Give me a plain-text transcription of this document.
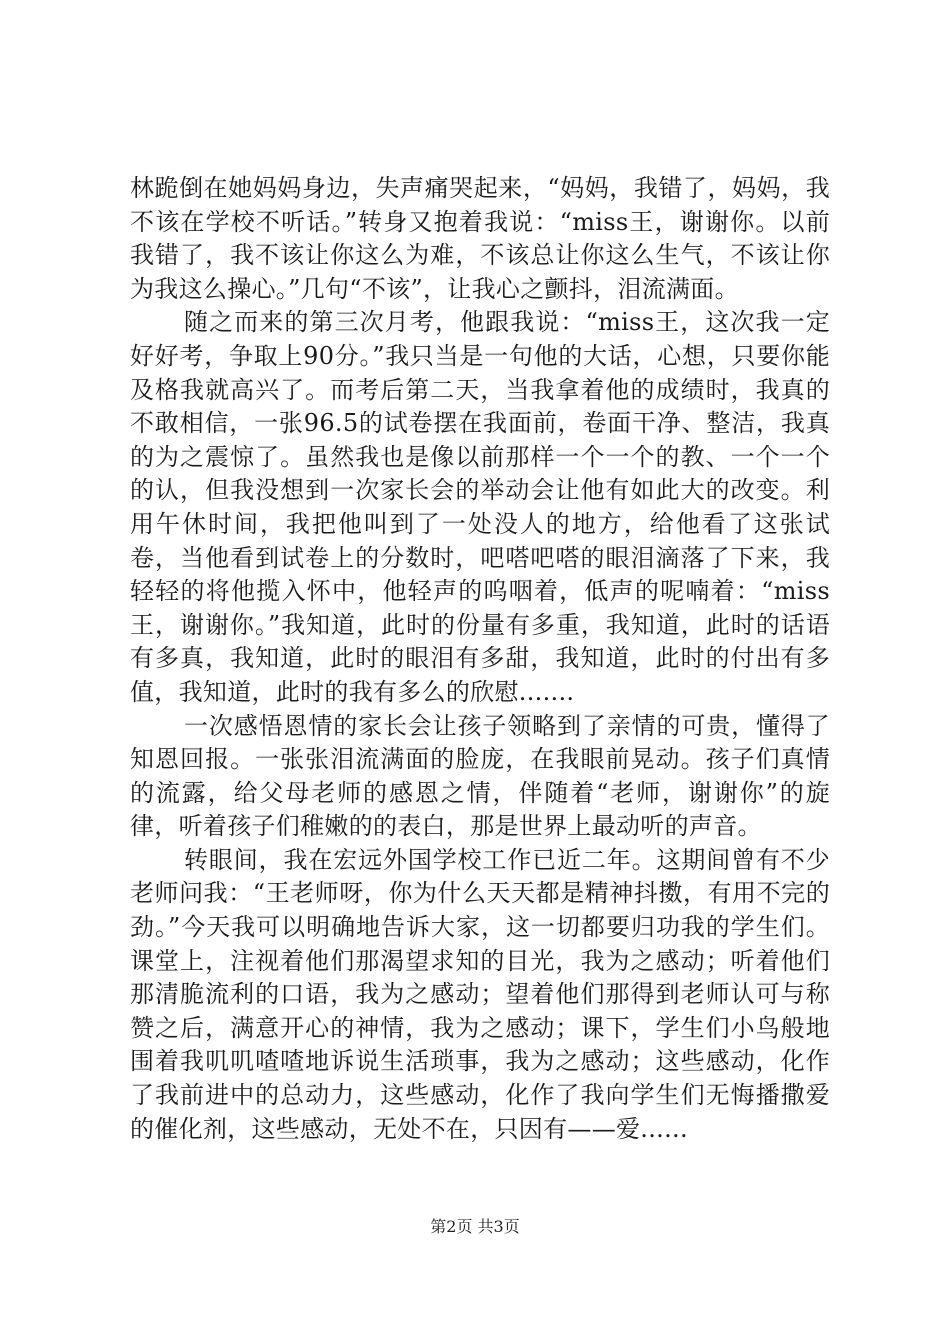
林跪倒在她妈妈身边，失声痛哭起来，“妈妈，我错了，妈妈，我不该在学校不听话。”转身又抱着我说：“miss王，谢谢你。以前我错了，我不该让你这么为难，不该总让你这么生气，不该让你为我这么操心。”几句“不该”，让我心之颤抖，泪流满面。

随之而来的第三次月考，他跟我说：“miss王，这次我一定好好考，争取上90分。”我只当是一句他的大话，心想，只要你能及格我就高兴了。而考后第二天，当我拿着他的成绩时，我真的不敢相信，一张96.5的试卷摆在我面前，卷面干净、整洁，我真的为之震惊了。虽然我也是像以前那样一个一个的教、一个一个的认，但我没想到一次家长会的举动会让他有如此大的改变。利用午休时间，我把他叫到了一处没人的地方，给他看了这张试卷，当他看到试卷上的分数时，吧嗒吧嗒的眼泪滴落了下来，我轻轻的将他揽入怀中，他轻声的呜咽着，低声的呢喃着：“miss王，谢谢你。”我知道，此时的份量有多重，我知道，此时的话语有多真，我知道，此时的眼泪有多甜，我知道，此时的付出有多值，我知道，此时的我有多么的欣慰.......

一次感悟恩情的家长会让孩子领略到了亲情的可贵，懂得了知恩回报。一张张泪流满面的脸庞，在我眼前晃动。孩子们真情的流露，给父母老师的感恩之情，伴随着“老师，谢谢你”的旋律，听着孩子们稚嫩的的表白，那是世界上最动听的声音。

转眼间，我在宏远外国学校工作已近二年。这期间曾有不少老师问我：“王老师呀，你为什么天天都是精神抖擞，有用不完的劲。”今天我可以明确地告诉大家，这一切都要归功我的学生们。课堂上，注视着他们那渴望求知的目光，我为之感动；听着他们那清脆流利的口语，我为之感动；望着他们那得到老师认可与称赞之后，满意开心的神情，我为之感动；课下，学生们小鸟般地围着我叽叽喳喳地诉说生活琐事，我为之感动；这些感动，化作了我前进中的总动力，这些感动，化作了我向学生们无悔播撒爱的催化剂，这些感动，无处不在，只因有——爱......

第2页 共3页
